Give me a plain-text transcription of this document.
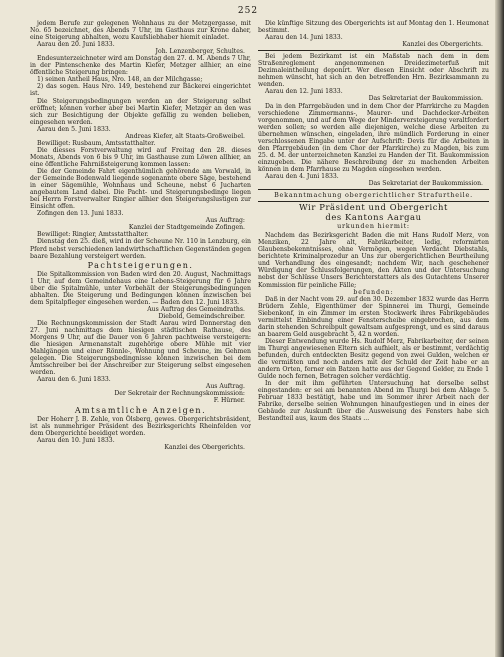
252

jedem Berufe zur gelegenen Wohnhaus zu der Metzgergasse, mit No. 65 bezeichnet, des Abends 7 Uhr, im Gasthaus zur Krone daher, eine Steigerung abhalten, wozu Kaufsliebhaber hiemit einladet.

Aarau den 20. Juni 1833.

Joh. Lenzenberger, Schultes.

Endesunterzeichneter wird am Donstag den 27. d. M. Abends 7 Uhr, in der Pintenschenke des Martin Kiefer, Metzger allhier, an eine öffentliche Steigerung bringen:

1) seinen Antheil Haus, Nro. 148, an der Milchgasse;

2) das sogen. Haus Nro. 149, bestehend zur Bäckerei eingerichtet ist.

Die Steigerungsbedingungen werden an der Steigerung selbst eröffnet; können vorher aber bei Martin Kiefer, Metzger an den was sich zur Besichtigung der Objekte gefällig zu wenden belieben, eingesehen werden.

Aarau den 5. Juni 1833.

Andreas Kiefer, alt Staats-Großweibel.

Bewilliget: Rusbaum, Amtsstatthalter.

Die diesses Forstverwaltung wird auf Freitag den 28. dieses Monats, Abends von 6 bis 9 Uhr, im Gasthause zum Löwen allhier, an eine öffentliche Fahrnißsteigerung kommen lassen:

Die der Gemeinde Fahrt eigenthümlich gehörende am Vorwald, in der Gemeinde Bodenwald liegende sogenannte obere Säge, bestehend in einer Sägemühle, Wohnhaus und Scheune, nebst 6 Jucharten angebautem Land dabei. Die Pacht- und Steigerungsbedinge liegen bei Herrn Forstverwalter Ringier allhier den Steigerungslustigen zur Einsicht offen.

Zofingen den 13. Juni 1833.

Aus Auftrag:

Kanzlei der Stadtgemeinde Zofingen.

Bewilliget: Ringier, Amtsstatthalter.

Dienstag den 25. dieß, wird in der Scheune Nr. 110 in Lenzburg, ein Pferd nebst verschiedenen landwirthschaftlichen Gegenständen gegen baare Bezahlung versteigert werden.

Pachtsteigerungen.

Die Spitalkommission von Baden wird den 20. August, Nachmittags 1 Uhr, auf dem Gemeindehaus eine Lebens-Steigerung für 6 Jahre über die Spitalmühle, unter Vorbehält der Steigerungsbedingungen abhalten. Die Steigerung und Bedingungen können inzwischen bei dem Spitalpfleger eingesehen werden. — Baden den 12. Juni 1833.

Aus Auftrag des Gemeindraths.

Diebold, Gemeindschreiber.

Die Rechnungskommission der Stadt Aarau wird Donnerstag den 27. Juni nachmittags dem hiesigen städtischen Rathause, des Morgens 9 Uhr, auf die Dauer von 6 Jahren pachtweise versteigern: die hiesigen Armenanstalt zugehörige obere Mühle mit vier Mahlgängen und einer Rönnle-, Wohnung und Scheune, im Gehmen gelegen. Die Steigerungsbedingnisse können inzwischen bei dem Amtsschreiber bei der Anschreiber zur Steigerung selbst eingesehen werden.

Aarau den 6. Juni 1833.

Aus Auftrag.

Der Sekretair der Rechnungskommission:

F. Hürner.

Amtsamtliche Anzeigen.

Der Hoherr J. B. Zehle, von Ölsberg, gewes. Obergerichtsbräsident, ist als nunmehriger Präsident des Bezirksgerichts Rheinfelden vor dem Obergerichte beeidiget worden.

Aarau den 10. Juni 1833.

Kanzlei des Obergerichts.

Die künftige Sitzung des Obergerichts ist auf Montag den 1. Heumonat bestimmt.

Aarau den 14. Juni 1833.

Kanzlei des Obergerichts.

Bei jedem Bezirkamt ist ein Maßstab nach dem in dem Straßenreglement angenommenen Dreidezimeterfuß mit Dezimaleintheilung deponirt. Wer diesen Einsicht oder Abschrift zu nehmen wünscht, hat sich an den betreffenden Hrn. Bezirksammann zu wenden.

Aarau den 12. Juni 1833.

Das Sekretariat der Baukommission.

Da in den Pfarrgebäuden und in dem Chor der Pfarrkirche zu Magden verschiedene Zimmermanns-, Maurer- und Dachdecker-Arbeiten vorgenommen, und auf dem Wege der Minderversteigerung veraltfordert werden sollen; so werden alle diejenigen, welche diese Arbeiten zu übernehmen wünschen, eingeladen, ihre mündlich Forderung in einer verschlossenen Eingabe unter der Aufschrift: Devis für die Arbeiten in den Pfarrgebäuden (in dem Chor der Pfarrkirche) zu Magden, bis zum 25. d. M. der unterzeichneten Kanzlei zu Handen der Tit. Baukommission einzugeben. Die nähere Beschreibung der zu machenden Arbeiten können in dem Pfarrhause zu Magden eingesehen werden.

Aarau den 4. Juni 1833.

Das Sekretariat der Baukommission.

Bekanntmachung obergerichtlicher Strafurtheile.
Wir Präsident und Obergericht
des Kantons Aargau
urkunden hiermit:

Nachdem das Bezirksgericht Baden die mit Hans Rudolf Merz, von Menziken, 22 Jahre alt, Fabrikarbeiter, ledig, reformirten Glaubensbekenntnisses, ohne Vermögen, wegen Verdacht Diebstahls, berichtete Kriminalprozedur an Uns zur obergerichtlichen Beurtheilung und Verhandlung des eingesandt; nachdem Wir, nach geschehener Würdigung der Schlussfolgerungen, den Akten und der Untersuchung nebst der Schlüsse Unsers Berichterstatters als des Gutachtens Unserer Kommission für peinliche Fälle;

befunden:

Daß in der Nacht vom 29. auf den 30. Dezember 1832 wurde das Herrn Brüdern Zehle, Eigenthümer der Spinnerei im Thurgi, Gemeinde Siebenkonf, in ein Zimmer im ersten Stockwerk ihres Fabrikgebäudes vermittelst Einbindung einer Fensterscheibe eingebrochen, aus dem darin stehenden Schreibpult gewaltsam aufgesprengt, und es sind daraus an baarem Geld ausgebracht 5, 42 n worden.

Dieser Entwendung wurde Hs. Rudolf Merz, Fabrikarbeiter, der seinen im Thurgi angewiesenen Eltern sich aufhielt, als er bestimmt, verdächtig befunden, durch entdeckten Besitz gegend von zwei Gulden, welchen er die vermißten und noch anders mit der Schuld der Zeit habe er an andern Orten, ferner ein Batzen hatte aus der Gegend Gelder, zu Ende 1 Gulde noch fernen, Betragen solcher verdächtig.

In der mit ihm geführten Untersuchung hat derselbe selbst eingestanden: er sei am benannten Abend im Thurgi bei dem Ablage 5. Februar 1833 bestätigt, habe und im Sommer ihrer Arbeit nach der Fabrike, derselbe seinen Wohnungen hinaufgestiegen und in eines der Gebäude zur Auskunft über die Ausweisung des Fensters habe sich Bestandteil aus, kaum des Staats ...
